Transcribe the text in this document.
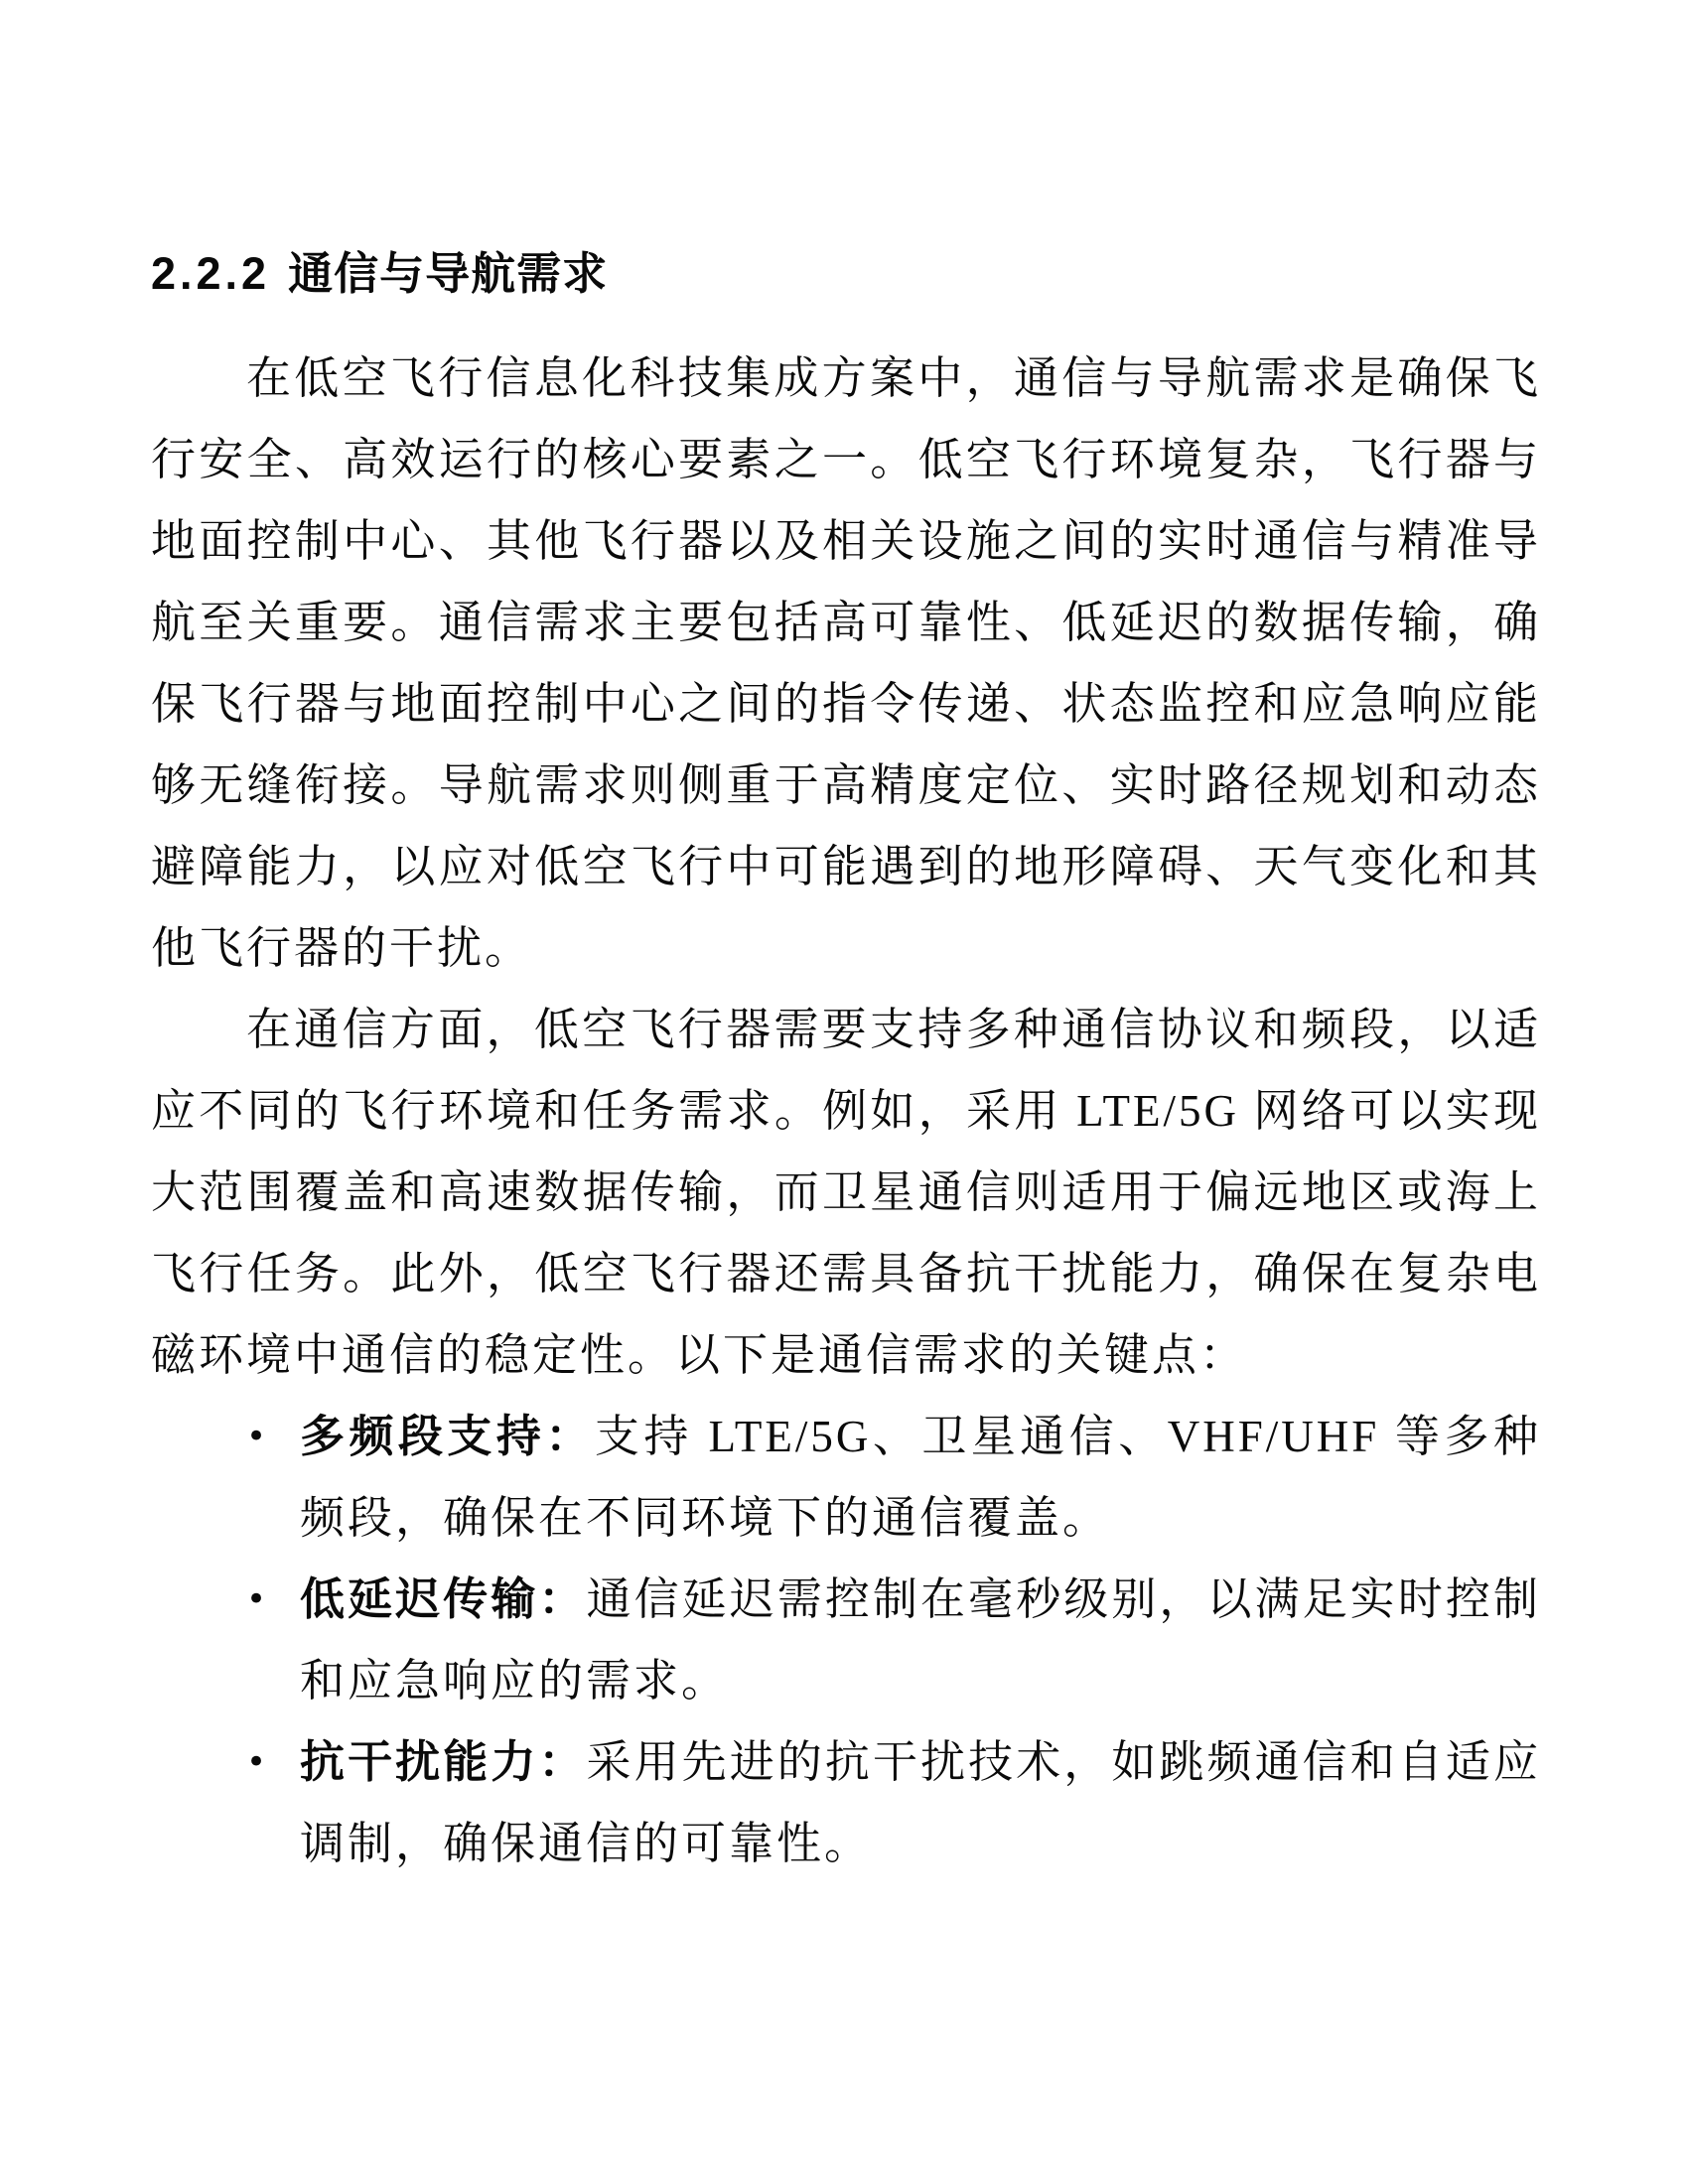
2.2.2 通信与导航需求

在低空飞行信息化科技集成方案中，通信与导航需求是确保飞行安全、高效运行的核心要素之一。低空飞行环境复杂，飞行器与地面控制中心、其他飞行器以及相关设施之间的实时通信与精准导航至关重要。通信需求主要包括高可靠性、低延迟的数据传输，确保飞行器与地面控制中心之间的指令传递、状态监控和应急响应能够无缝衔接。导航需求则侧重于高精度定位、实时路径规划和动态避障能力，以应对低空飞行中可能遇到的地形障碍、天气变化和其他飞行器的干扰。

在通信方面，低空飞行器需要支持多种通信协议和频段，以适应不同的飞行环境和任务需求。例如，采用 LTE/5G 网络可以实现大范围覆盖和高速数据传输，而卫星通信则适用于偏远地区或海上飞行任务。此外，低空飞行器还需具备抗干扰能力，确保在复杂电磁环境中通信的稳定性。以下是通信需求的关键点：

• 多频段支持：支持 LTE/5G、卫星通信、VHF/UHF 等多种频段，确保在不同环境下的通信覆盖。
• 低延迟传输：通信延迟需控制在毫秒级别，以满足实时控制和应急响应的需求。
• 抗干扰能力：采用先进的抗干扰技术，如跳频通信和自适应调制，确保通信的可靠性。
